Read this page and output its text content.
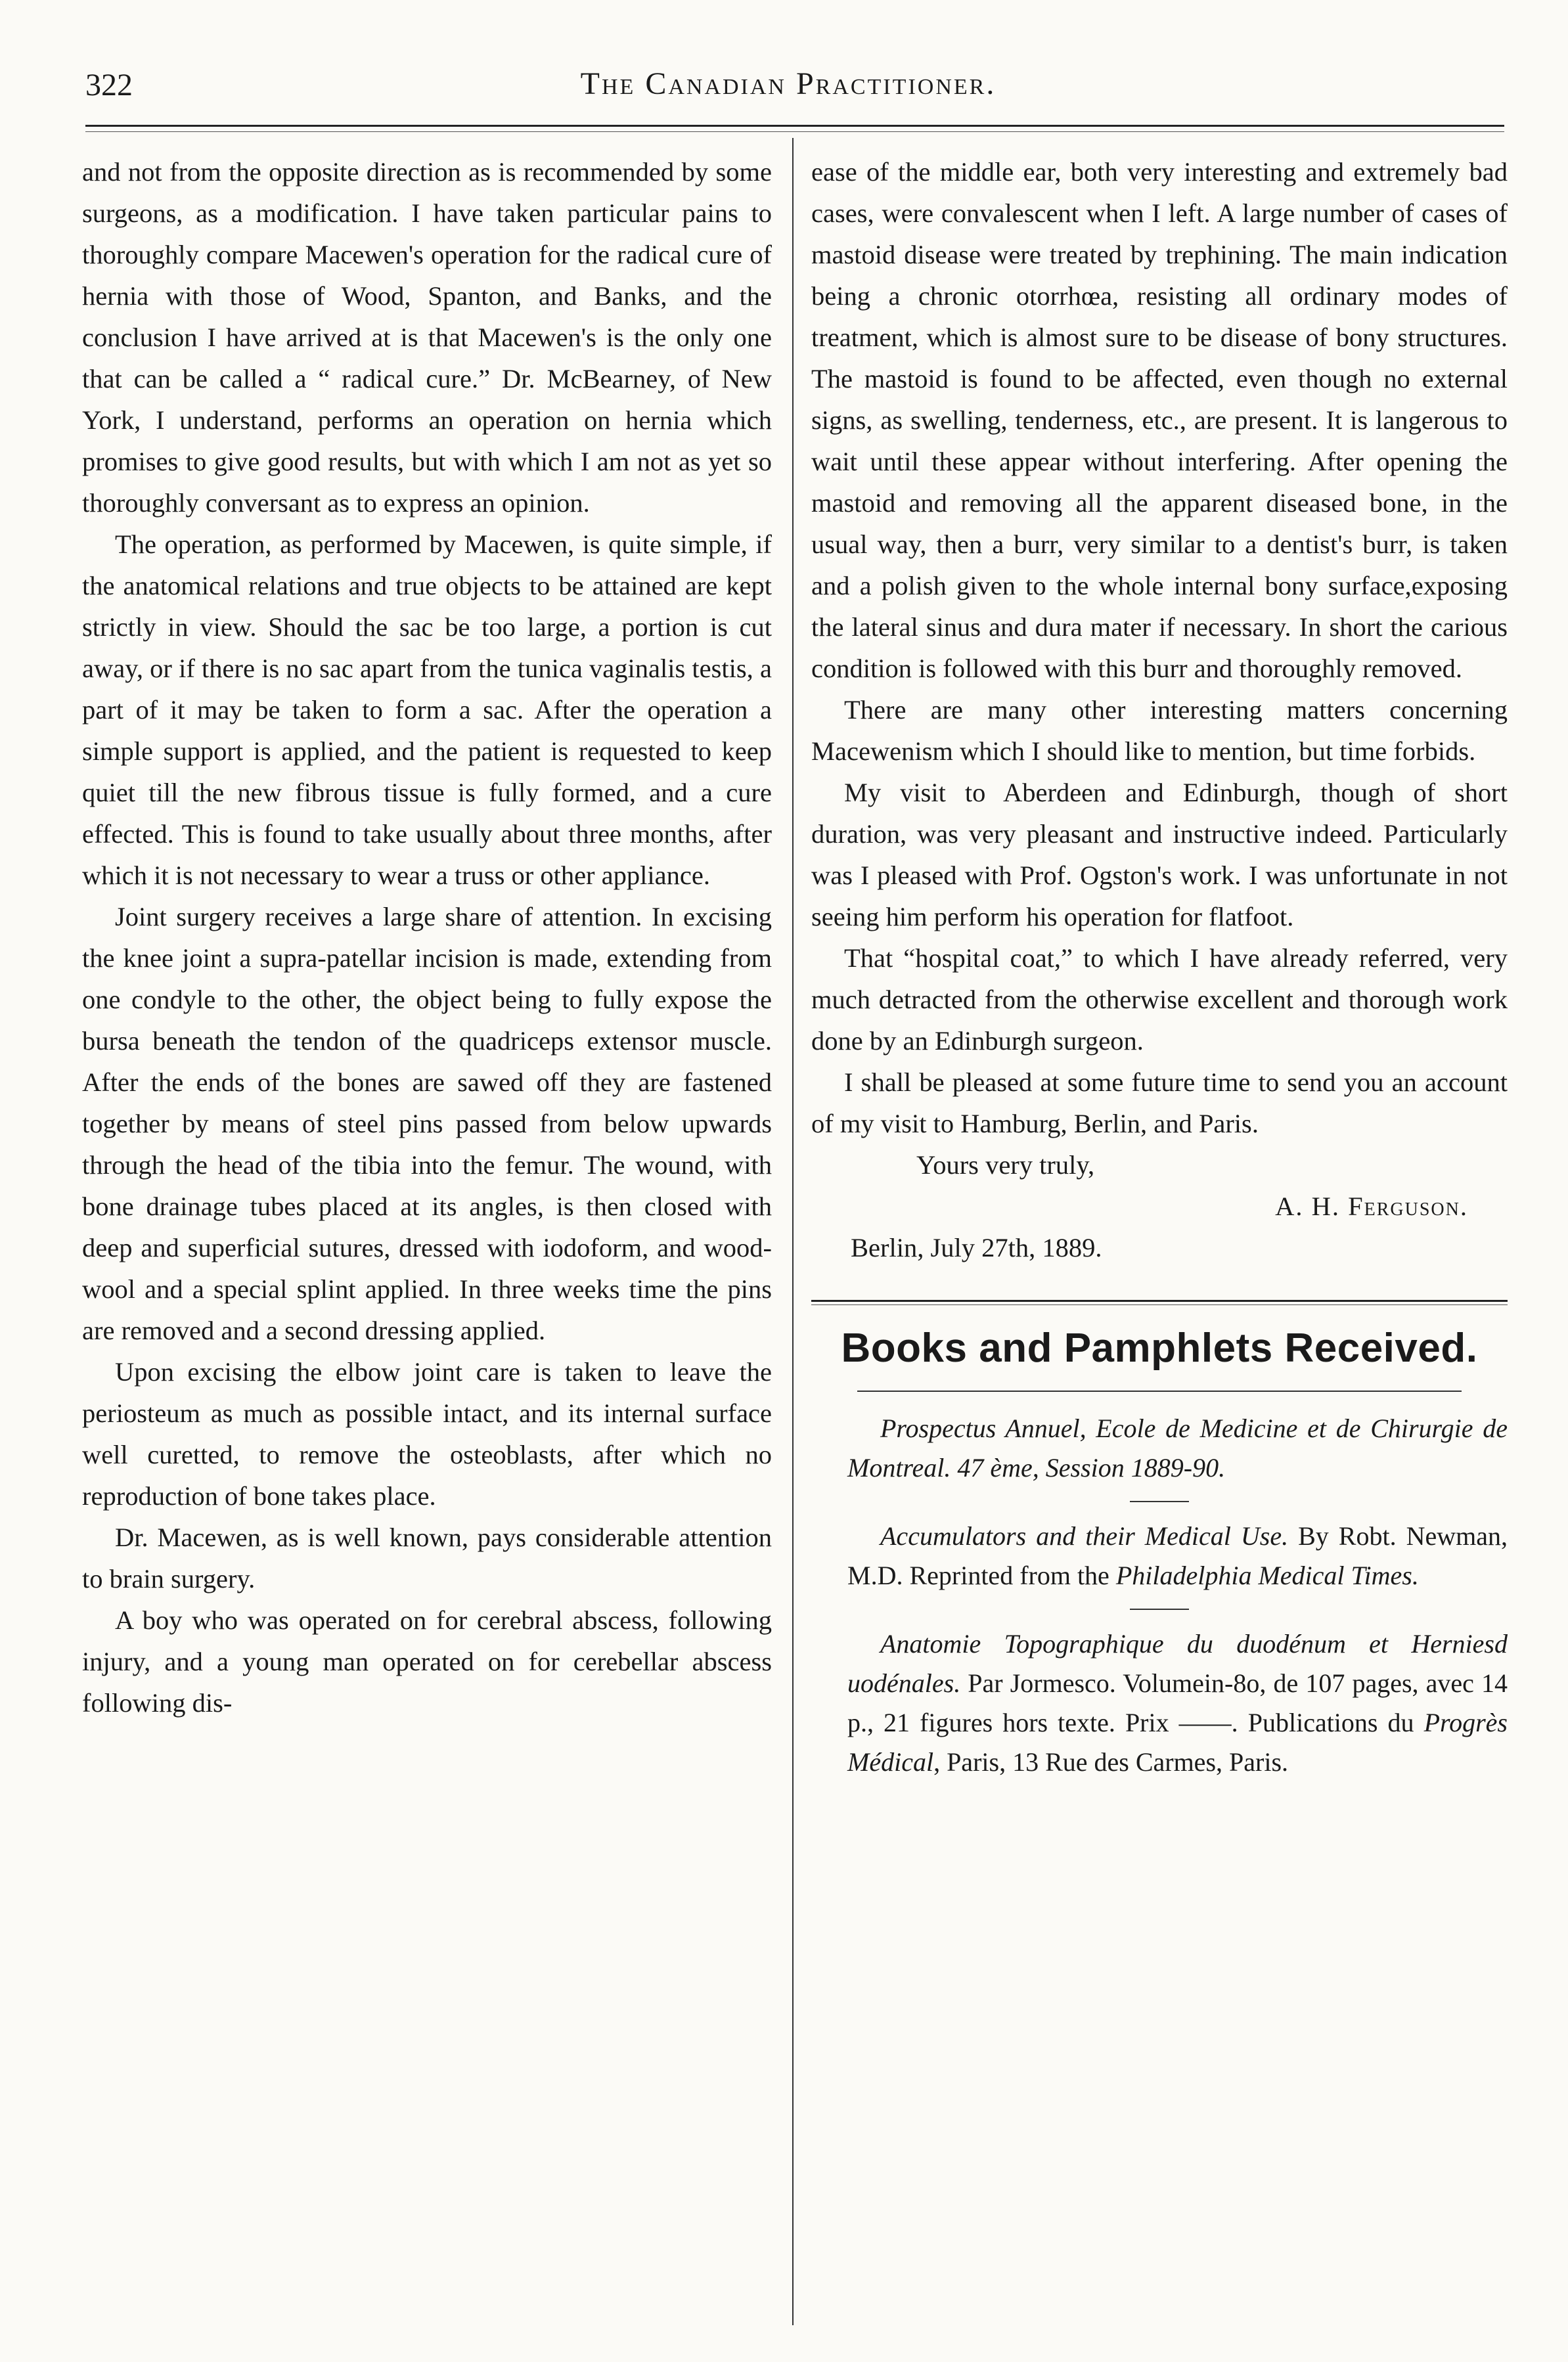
322	The Canadian Practitioner.

and not from the opposite direction as is recommended by some surgeons, as a modification. I have taken particular pains to thoroughly compare Macewen's operation for the radical cure of hernia with those of Wood, Spanton, and Banks, and the conclusion I have arrived at is that Macewen's is the only one that can be called a “ radical cure.” Dr. McBearney, of New York, I understand, performs an operation on hernia which promises to give good results, but with which I am not as yet so thoroughly conversant as to express an opinion.

The operation, as performed by Macewen, is quite simple, if the anatomical relations and true objects to be attained are kept strictly in view. Should the sac be too large, a portion is cut away, or if there is no sac apart from the tunica vaginalis testis, a part of it may be taken to form a sac. After the operation a simple support is applied, and the patient is requested to keep quiet till the new fibrous tissue is fully formed, and a cure effected. This is found to take usually about three months, after which it is not necessary to wear a truss or other appliance.

Joint surgery receives a large share of attention. In excising the knee joint a supra-patellar incision is made, extending from one condyle to the other, the object being to fully expose the bursa beneath the tendon of the quadriceps extensor muscle. After the ends of the bones are sawed off they are fastened together by means of steel pins passed from below upwards through the head of the tibia into the femur. The wound, with bone drainage tubes placed at its angles, is then closed with deep and superficial sutures, dressed with iodoform, and wood-wool and a special splint applied. In three weeks time the pins are removed and a second dressing applied.

Upon excising the elbow joint care is taken to leave the periosteum as much as possible intact, and its internal surface well curetted, to remove the osteoblasts, after which no reproduction of bone takes place.

Dr. Macewen, as is well known, pays considerable attention to brain surgery.

A boy who was operated on for cerebral abscess, following injury, and a young man operated on for cerebellar abscess following dis-

ease of the middle ear, both very interesting and extremely bad cases, were convalescent when I left. A large number of cases of mastoid disease were treated by trephining. The main indication being a chronic otorrhœa, resisting all ordinary modes of treatment, which is almost sure to be disease of bony structures. The mastoid is found to be affected, even though no external signs, as swelling, tenderness, etc., are present. It is langerous to wait until these appear without interfering. After opening the mastoid and removing all the apparent diseased bone, in the usual way, then a burr, very similar to a dentist's burr, is taken and a polish given to the whole internal bony surface,exposing the lateral sinus and dura mater if necessary. In short the carious condition is followed with this burr and thoroughly removed.

There are many other interesting matters concerning Macewenism which I should like to mention, but time forbids.

My visit to Aberdeen and Edinburgh, though of short duration, was very pleasant and instructive indeed. Particularly was I pleased with Prof. Ogston's work. I was unfortunate in not seeing him perform his operation for flatfoot.

That “hospital coat,” to which I have already referred, very much detracted from the otherwise excellent and thorough work done by an Edinburgh surgeon.

I shall be pleased at some future time to send you an account of my visit to Hamburg, Berlin, and Paris.

Yours very truly,
A. H. Ferguson.
Berlin, July 27th, 1889.
Books and Pamphlets Received.

Prospectus Annuel, Ecole de Medicine et de Chirurgie de Montreal. 47 ème, Session 1889-90.

Accumulators and their Medical Use. By Robt. Newman, M.D. Reprinted from the Philadelphia Medical Times.

Anatomie Topographique du duodénum et Herniesd uodénales. Par Jormesco. Volumein-8o, de 107 pages, avec 14 p., 21 figures hors texte. Prix ——. Publications du Progrès Médical, Paris, 13 Rue des Carmes, Paris.
